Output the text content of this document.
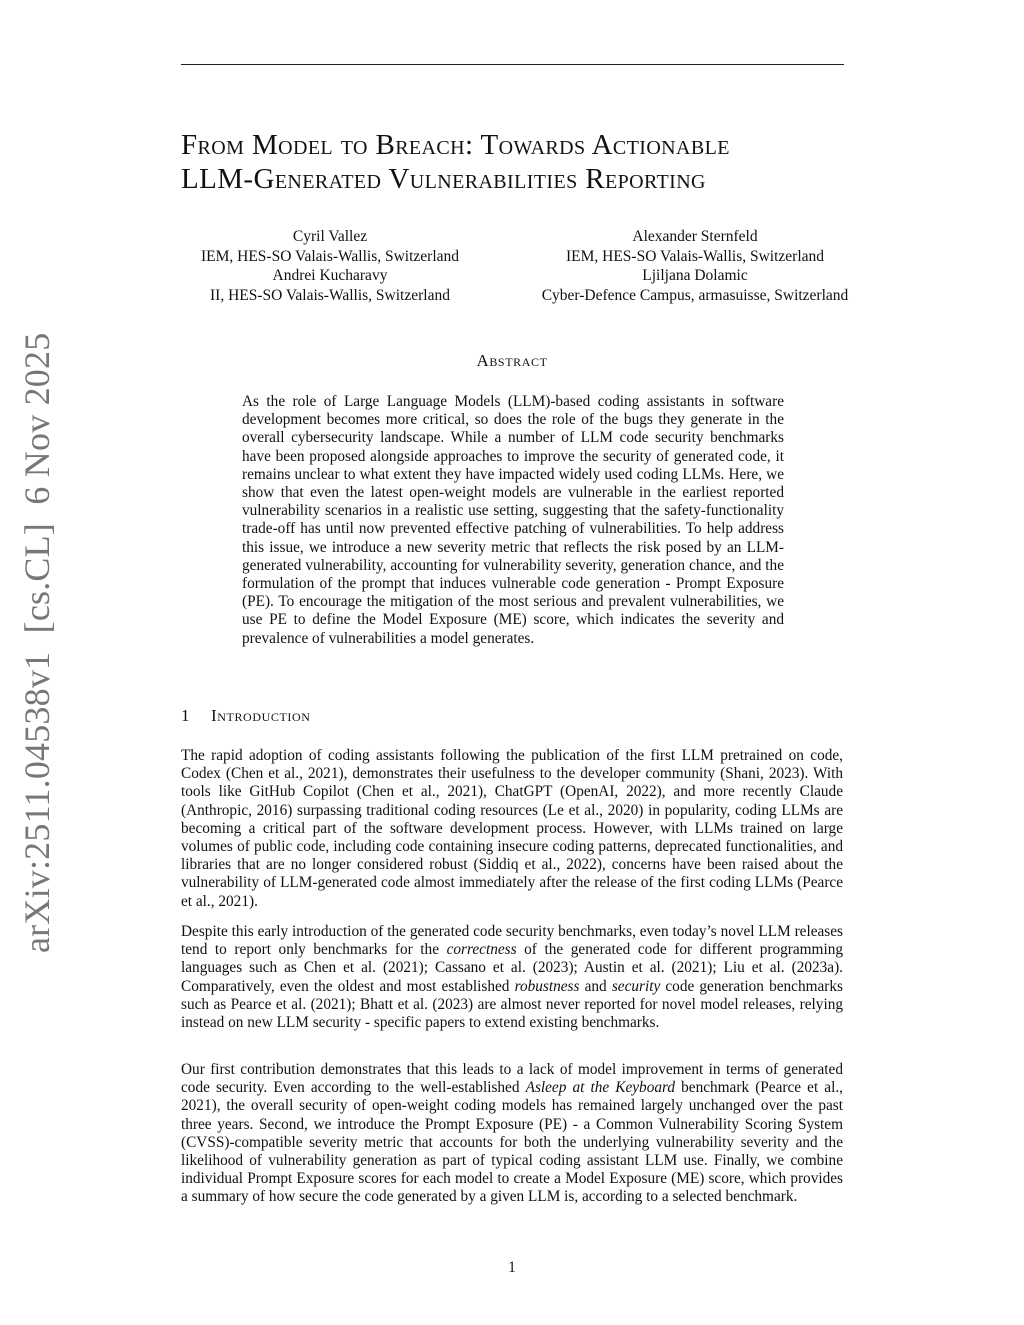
arXiv:2511.04538v1  [cs.CL]  6 Nov 2025
From Model to Breach: Towards Actionable
LLM-Generated Vulnerabilities Reporting
Cyril Vallez
IEM, HES-SO Valais-Wallis, Switzerland
Andrei Kucharavy
II, HES-SO Valais-Wallis, Switzerland
Alexander Sternfeld
IEM, HES-SO Valais-Wallis, Switzerland
Ljiljana Dolamic
Cyber-Defence Campus, armasuisse, Switzerland
Abstract
As the role of Large Language Models (LLM)-based coding assistants in software development becomes more critical, so does the role of the bugs they generate in the overall cybersecurity landscape. While a number of LLM code security benchmarks have been proposed alongside approaches to improve the security of generated code, it remains unclear to what extent they have impacted widely used coding LLMs. Here, we show that even the latest open-weight models are vulnerable in the earliest reported vulnerability scenarios in a realistic use setting, suggesting that the safety-functionality trade-off has until now prevented effective patching of vulnerabilities. To help address this issue, we introduce a new severity metric that reflects the risk posed by an LLM-generated vulnerability, accounting for vulnerability severity, generation chance, and the formulation of the prompt that induces vulnerable code generation - Prompt Exposure (PE). To encourage the mitigation of the most serious and prevalent vulnerabilities, we use PE to define the Model Exposure (ME) score, which indicates the severity and prevalence of vulnerabilities a model generates.
1 Introduction

The rapid adoption of coding assistants following the publication of the first LLM pretrained on code, Codex (Chen et al., 2021), demonstrates their usefulness to the developer community (Shani, 2023). With tools like GitHub Copilot (Chen et al., 2021), ChatGPT (OpenAI, 2022), and more recently Claude (Anthropic, 2016) surpassing traditional coding resources (Le et al., 2020) in popularity, coding LLMs are becoming a critical part of the software development process. However, with LLMs trained on large volumes of public code, including code containing insecure coding patterns, deprecated functionalities, and libraries that are no longer considered robust (Siddiq et al., 2022), concerns have been raised about the vulnerability of LLM-generated code almost immediately after the release of the first coding LLMs (Pearce et al., 2021).

Despite this early introduction of the generated code security benchmarks, even today’s novel LLM releases tend to report only benchmarks for the correctness of the generated code for different programming languages such as Chen et al. (2021); Cassano et al. (2023); Austin et al. (2021); Liu et al. (2023a). Comparatively, even the oldest and most established robustness and security code generation benchmarks such as Pearce et al. (2021); Bhatt et al. (2023) are almost never reported for novel model releases, relying instead on new LLM security - specific papers to extend existing benchmarks.

Our first contribution demonstrates that this leads to a lack of model improvement in terms of generated code security. Even according to the well-established Asleep at the Keyboard benchmark (Pearce et al., 2021), the overall security of open-weight coding models has remained largely unchanged over the past three years. Second, we introduce the Prompt Exposure (PE) - a Common Vulnerability Scoring System (CVSS)-compatible severity metric that accounts for both the underlying vulnerability severity and the likelihood of vulnerability generation as part of typical coding assistant LLM use. Finally, we combine individual Prompt Exposure scores for each model to create a Model Exposure (ME) score, which provides a summary of how secure the code generated by a given LLM is, according to a selected benchmark.

1
